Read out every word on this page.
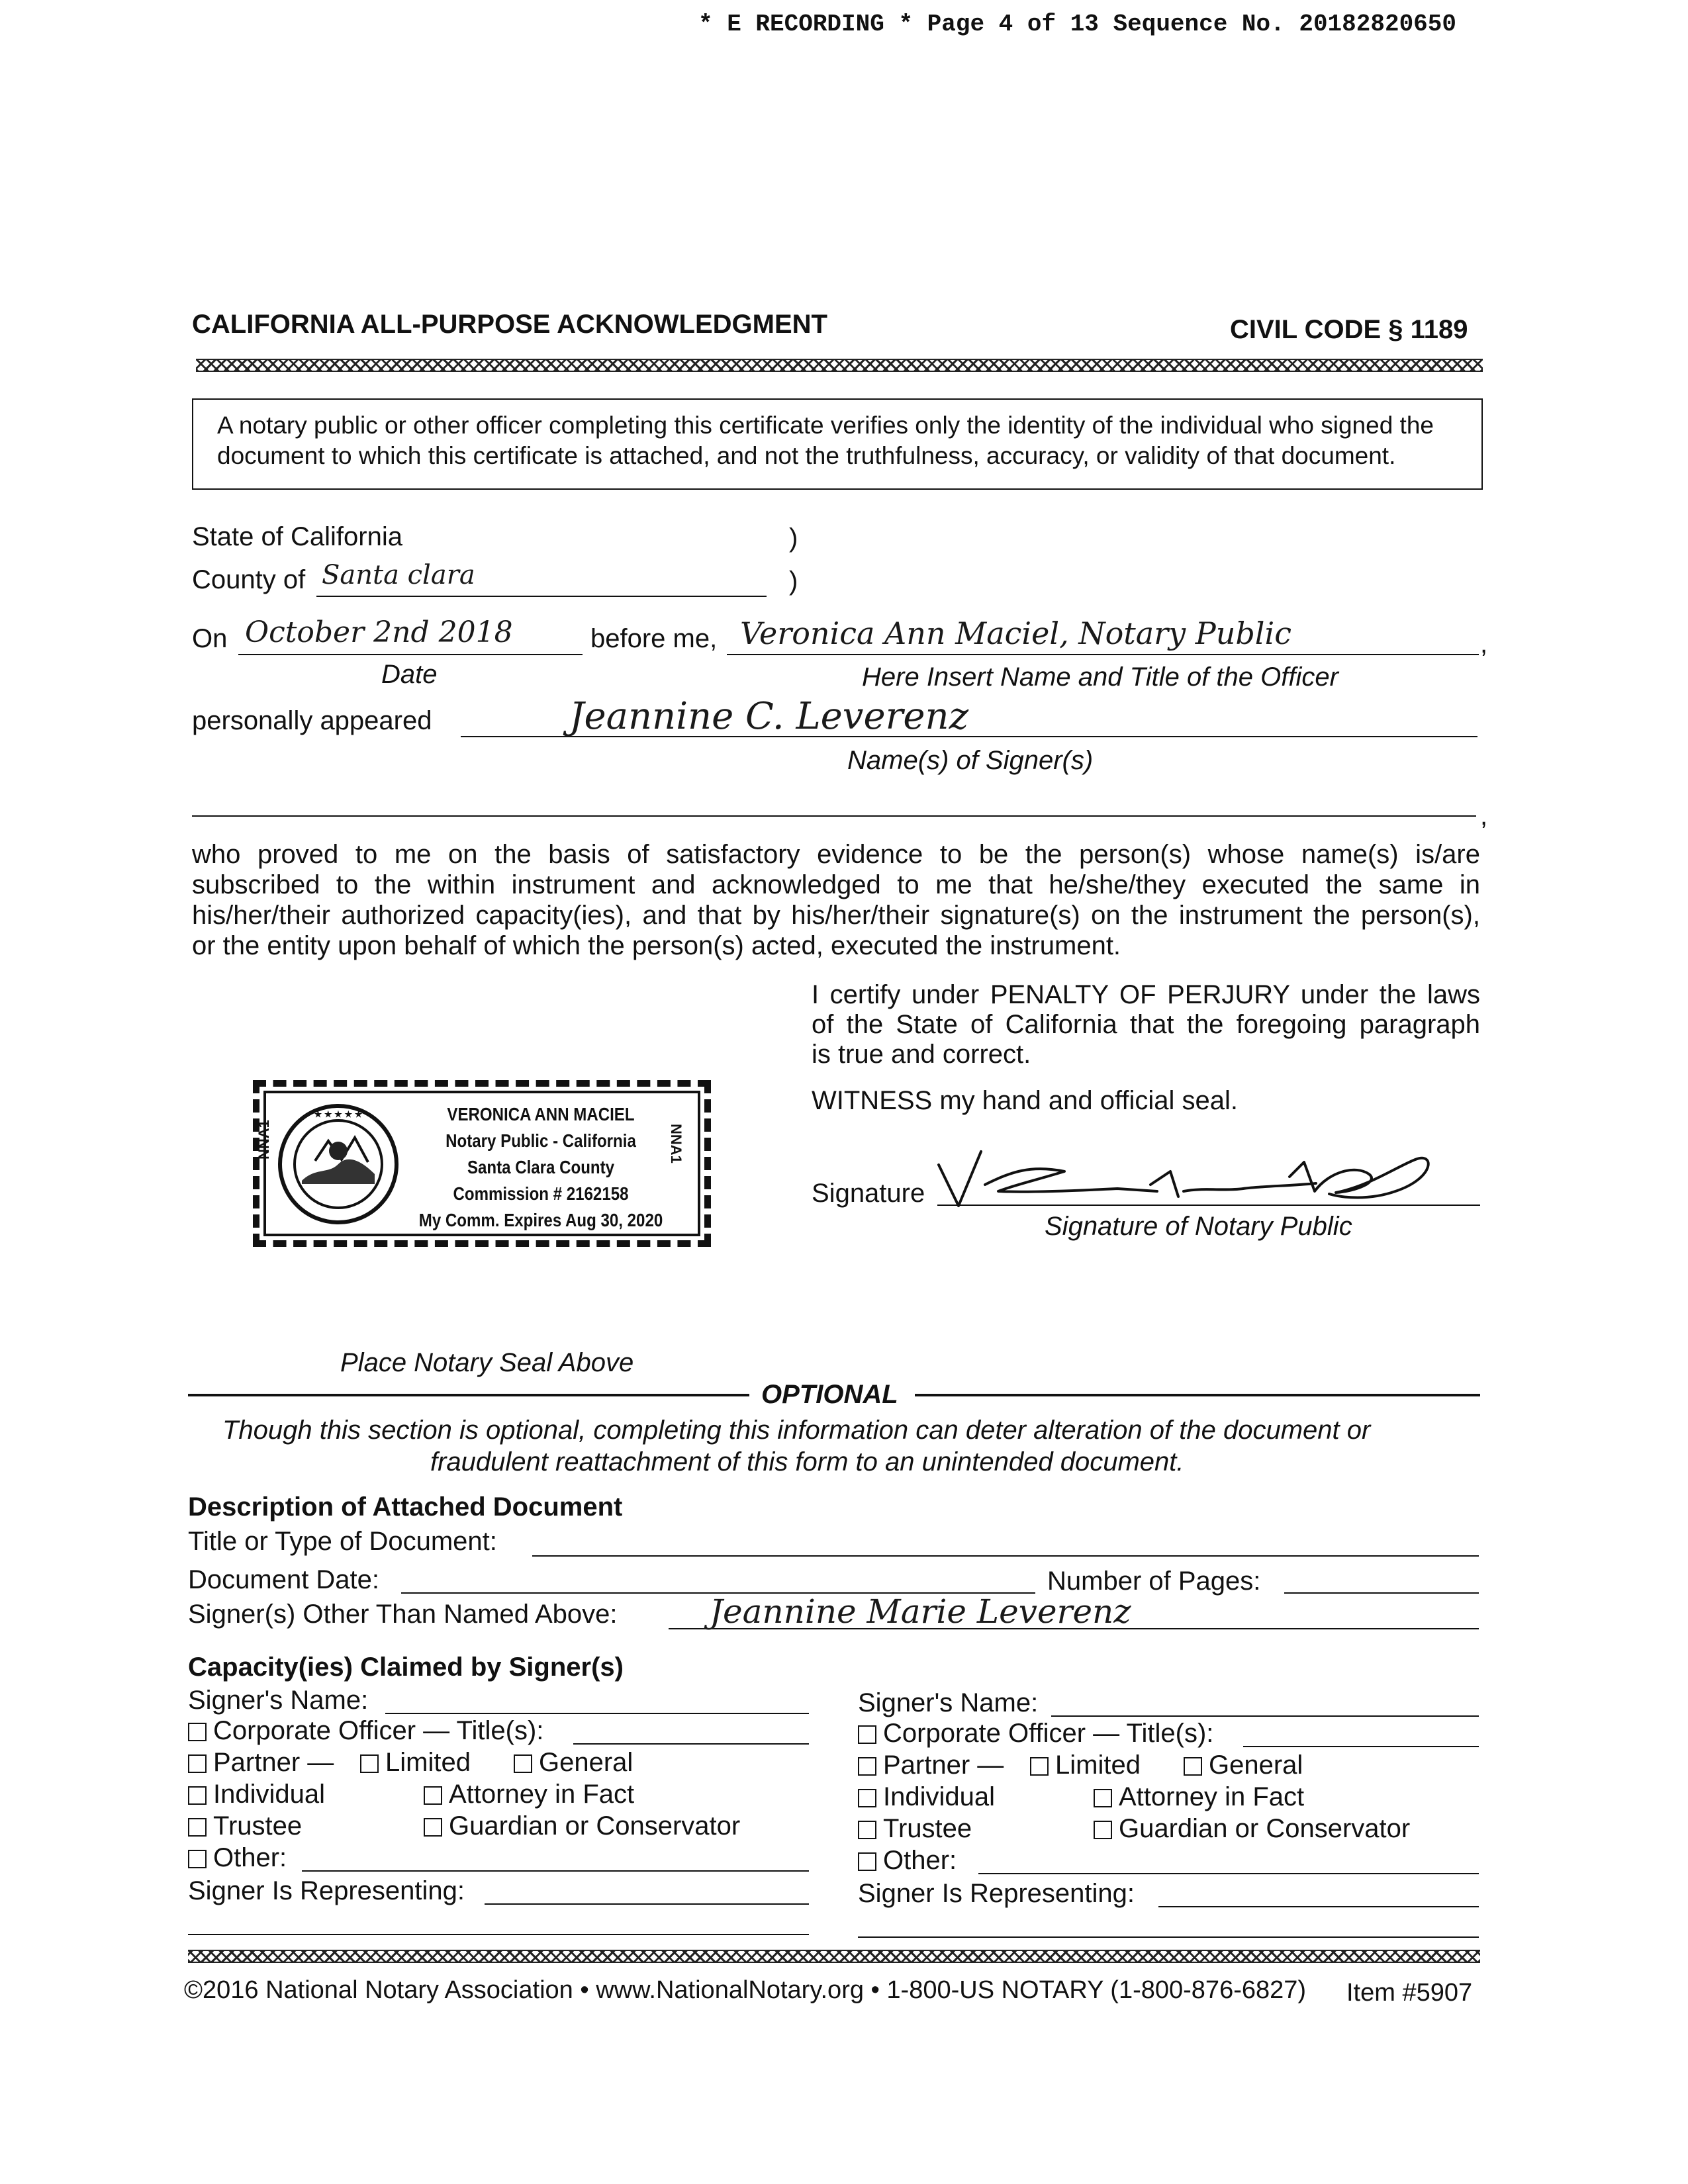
* E RECORDING * Page 4 of 13 Sequence No. 20182820650
CALIFORNIA ALL-PURPOSE ACKNOWLEDGMENT	CIVIL CODE § 1189
A notary public or other officer completing this certificate verifies only the identity of the individual who signed the
document to which this certificate is attached, and not the truthfulness, accuracy, or validity of that document.
State of California	)
County of Santa clara	)
On October 2nd 2018	before me, Veronica Ann Maciel, Notary Public	,
Date	Here Insert Name and Title of the Officer
personally appeared	Jeannine C. Leverenz
Name(s) of Signer(s)
,
who proved to me on the basis of satisfactory evidence to be the person(s) whose name(s) is/are
subscribed to the within instrument and acknowledged to me that he/she/they executed the same in
his/her/their authorized capacity(ies), and that by his/her/their signature(s) on the instrument the person(s),
or the entity upon behalf of which the person(s) acted, executed the instrument.
I certify under PENALTY OF PERJURY under the laws
of the State of California that the foregoing paragraph
is true and correct.
WITNESS my hand and official seal.
Signature
Signature of Notary Public
★ ★ ★ ★ ★
NNA1	NNA1
VERONICA ANN MACIEL
Notary Public - California
Santa Clara County
Commission # 2162158
My Comm. Expires Aug 30, 2020
Place Notary Seal Above
OPTIONAL
Though this section is optional, completing this information can deter alteration of the document or
fraudulent reattachment of this form to an unintended document.
Description of Attached Document
Title or Type of Document:
Document Date:	Number of Pages:
Signer(s) Other Than Named Above:	Jeannine Marie Leverenz
Capacity(ies) Claimed by Signer(s)
Signer's Name:
Corporate Officer — Title(s):
Partner —	Limited	General
Individual	Attorney in Fact
Trustee	Guardian or Conservator
Other:
Signer Is Representing:
Signer's Name:
Corporate Officer — Title(s):
Partner —	Limited	General
Individual	Attorney in Fact
Trustee	Guardian or Conservator
Other:
Signer Is Representing:
©2016 National Notary Association • www.NationalNotary.org • 1-800-US NOTARY (1-800-876-6827) Item #5907
